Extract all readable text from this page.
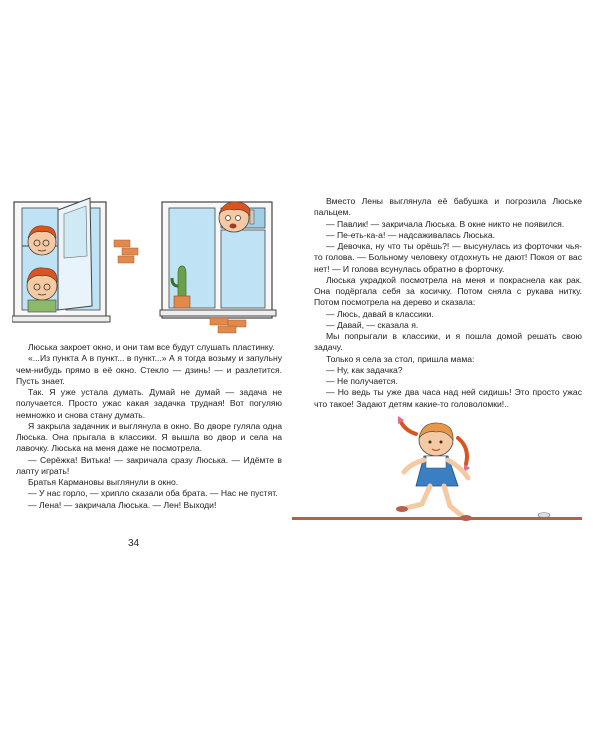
Люська закроет окно, и они там все будут слушать пластинку.

«...Из пункта А в пункт... в пункт...» А я тогда возьму и запульну чем-нибудь прямо в её окно. Стекло — дзинь! — и разлетится. Пусть знает.

Так. Я уже устала думать. Думай не думай — задача не получается. Просто ужас какая задачка трудная! Вот погуляю немножко и снова стану думать.

Я закрыла задачник и выглянула в окно. Во дворе гуляла одна Люська. Она прыгала в классики. Я вышла во двор и села на лавочку. Люська на меня даже не посмотрела.

— Серёжка! Витька! — закричала сразу Люська. — Идёмте в лапту играть!

Братья Кармановы выглянули в окно.

— У нас горло, — хрипло сказали оба брата. — Нас не пустят.

— Лена! — закричала Люська. — Лен! Выходи!

34

Вместо Лены выглянула её бабушка и погрозила Люське пальцем.

— Павлик! — закричала Люська. В окне никто не появился.

— Пе-еть-ка-а! — надсаживалась Люська.

— Девочка, ну что ты орёшь?! — высунулась из форточки чья-то голова. — Больному человеку отдохнуть не дают! Покоя от вас нет! — И голова всунулась обратно в форточку.

Люська украдкой посмотрела на меня и покраснела как рак. Она подёргала себя за косичку. Потом сняла с рукава нитку. Потом посмотрела на дерево и сказала:

— Люсь, давай в классики.

— Давай, — сказала я.

Мы попрыгали в классики, и я пошла домой решать свою задачу.

Только я села за стол, пришла мама:

— Ну, как задачка?

— Не получается.

— Но ведь ты уже два часа над ней сидишь! Это просто ужас что такое! Задают детям какие-то головоломки!..
